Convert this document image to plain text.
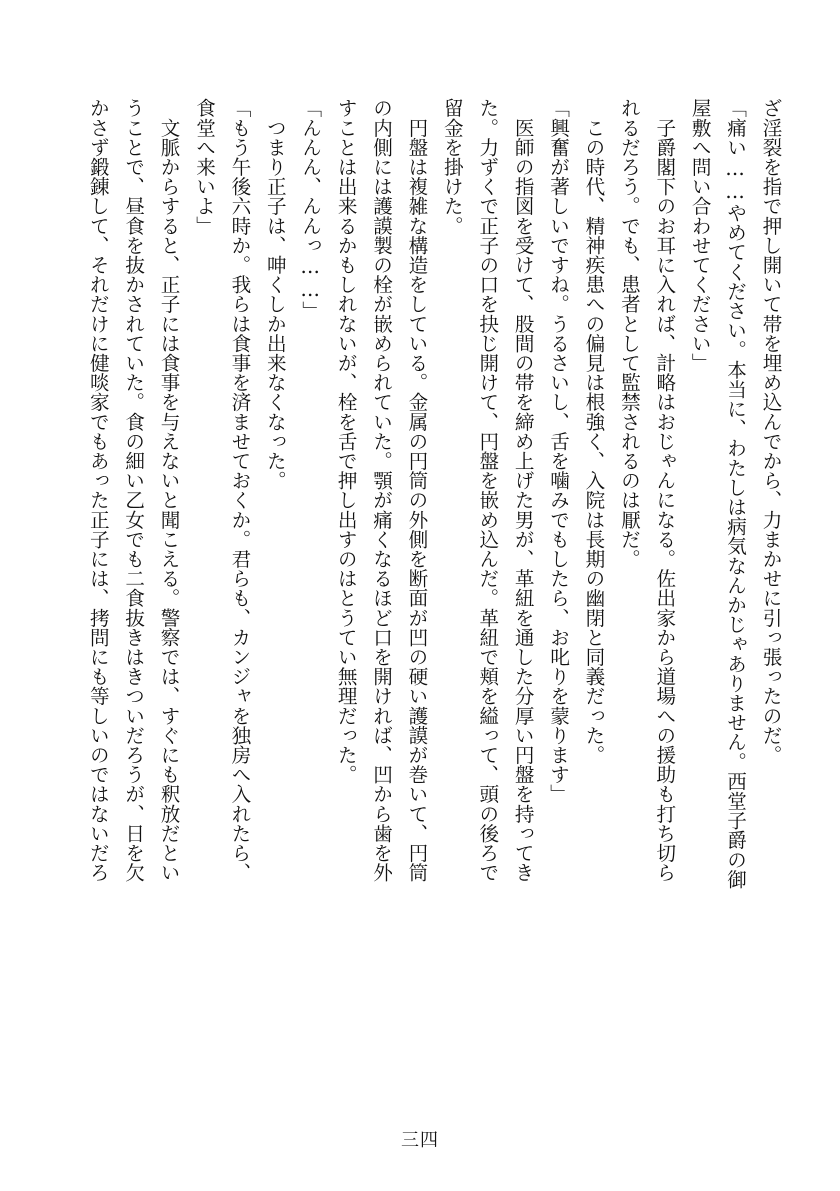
ざ淫裂を指で押し開いて帯を埋め込んでから、力まかせに引っ張ったのだ。
「痛い……やめてください。本当に、わたしは病気なんかじゃありません。西堂子爵の御
屋敷へ問い合わせてください」
　子爵閣下のお耳に入れば、計略はおじゃんになる。佐出家から道場への援助も打ち切ら
れるだろう。でも、患者として監禁されるのは厭だ。
　この時代、精神疾患への偏見は根強く、入院は長期の幽閉と同義だった。
「興奮が著しいですね。うるさいし、舌を噛みでもしたら、お叱りを蒙ります」
　医師の指図を受けて、股間の帯を締め上げた男が、革紐を通した分厚い円盤を持ってき
た。力ずくで正子の口を抉じ開けて、円盤を嵌め込んだ。革紐で頬を縊って、頭の後ろで
留金を掛けた。
　円盤は複雑な構造をしている。金属の円筒の外側を断面が凹の硬い護謨が巻いて、円筒
の内側には護謨製の栓が嵌められていた。顎が痛くなるほど口を開ければ、凹から歯を外
すことは出来るかもしれないが、栓を舌で押し出すのはとうてい無理だった。
「んんん、んんっ……」
　つまり正子は、呻くしか出来なくなった。
「もう午後六時か。我らは食事を済ませておくか。君らも、カンジャを独房へ入れたら、
食堂へ来いよ」
　文脈からすると、正子には食事を与えないと聞こえる。警察では、すぐにも釈放だとい
うことで、昼食を抜かされていた。食の細い乙女でも二食抜きはきついだろうが、日を欠
かさず鍛錬して、それだけに健啖家でもあった正子には、拷問にも等しいのではないだろ
三四
